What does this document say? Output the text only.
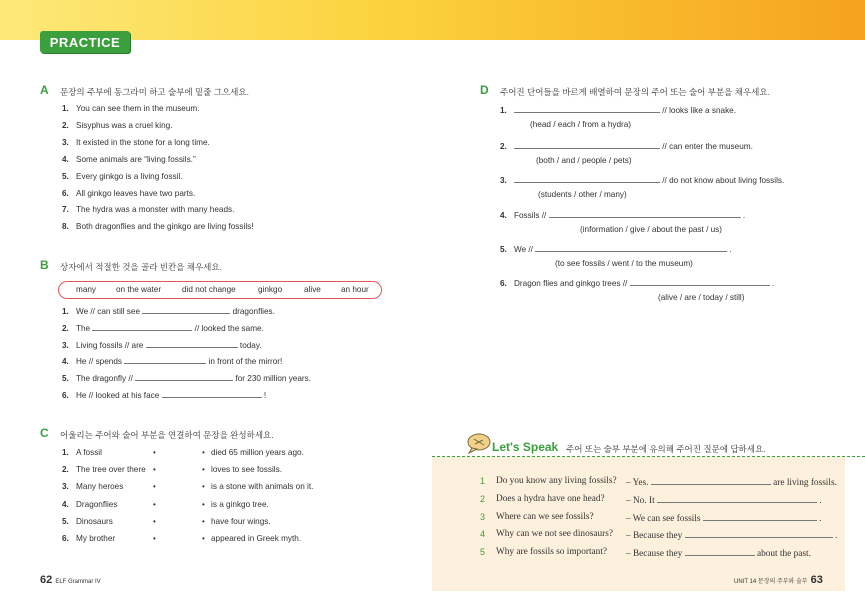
PRACTICE
A 문장의 주부에 동그라미 하고 술부에 밑줄 그으세요.
1. You can see them in the museum.
2. Sisyphus was a cruel king.
3. It existed in the stone for a long time.
4. Some animals are “living fossils.”
5. Every ginkgo is a living fossil.
6. All ginkgo leaves have two parts.
7. The hydra was a monster with many heads.
8. Both dragonflies and the ginkgo are living fossils!
B 상자에서 적절한 것을 골라 빈칸을 채우세요.
many on the water	did not change	ginkgo	alive an hour
1. We // can still see	dragonflies.
2. The	// looked the same.
3. Living fossils // are	today.
4. He // spends	in front of the mirror!
5. The dragonfly //	for 230 million years.
6. He // looked at his face	!
C 어울리는 주어와 술어 부분을 연결하여 문장을 완성하세요.
1. A fossil	•	• died 65 million years ago.
2. The tree over there •	• loves to see fossils.
3. Many heroes	•	• is a stone with animals on it.
4. Dragonflies	•	• is a ginkgo tree.
5. Dinosaurs	•	• have four wings.
6. My brother	•	• appeared in Greek myth.
D 주어진 단어들을 바르게 배열하여 문장의 주어 또는 술어 부분을 채우세요.
1.	// looks like a snake.
(head / each / from a hydra)
2.	// can enter the museum.
(both / and / people / pets)
3.	// do not know about living fossils.
(students / other / many)
4. Fossils //	.
(information / give / about the past / us)
5. We //	.
(to see fossils / went / to the museum)
6. Dragon flies and ginkgo trees //	.
(alive / are / today / still)
Let's Speak 주어 또는 술부 부분에 유의해 주어진 질문에 답하세요.
1 Do you know any living fossils? – Yes.	are living fossils.
2 Does a hydra have one head? – No. It	.
3 Where can we see fossils?	– We can see fossils	.
4 Why can we not see dinosaurs? – Because they	.
5 Why are fossils so important? – Because they	about the past.
62 ELF Grammar IV	UNIT 14 문장의 주부와 술부 63
